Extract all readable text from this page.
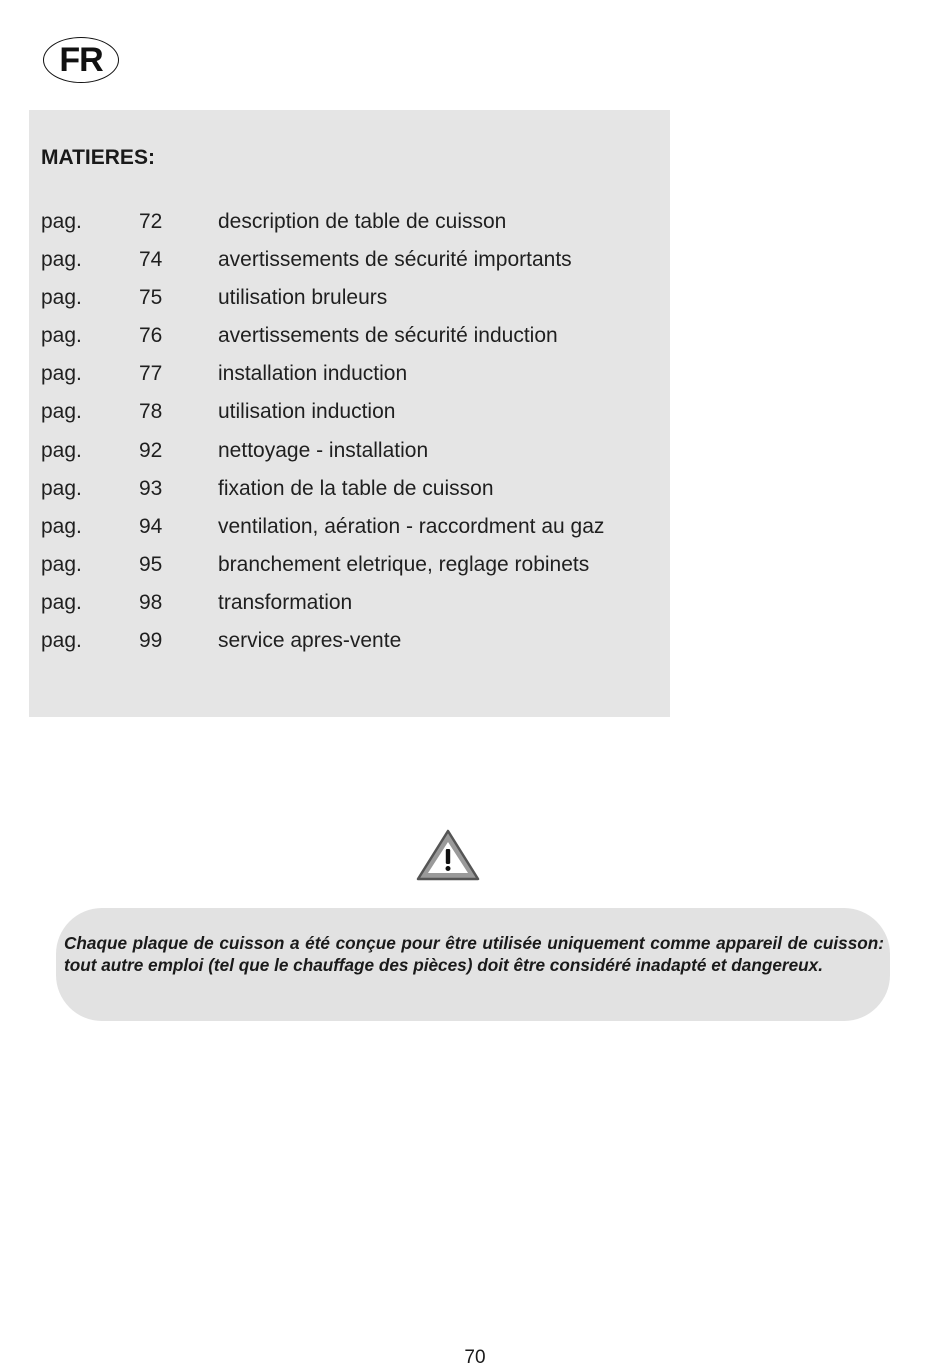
FR
MATIERES:
pag.	72	description de table de cuisson
pag.	74	avertissements de sécurité importants
pag.	75	utilisation bruleurs
pag.	76	avertissements de sécurité induction
pag.	77	installation induction
pag.	78	utilisation induction
pag.	92	nettoyage - installation
pag.	93	fixation de la table de cuisson
pag.	94	ventilation, aération - raccordment au gaz
pag.	95	branchement eletrique, reglage robinets
pag.	98	transformation
pag.	99	service apres-vente

Chaque plaque de cuisson a été conçue pour être utilisée uniquement comme appareil de cuisson: tout autre emploi (tel que le chauffage des pièces) doit être considéré inadapté et dangereux.

70
